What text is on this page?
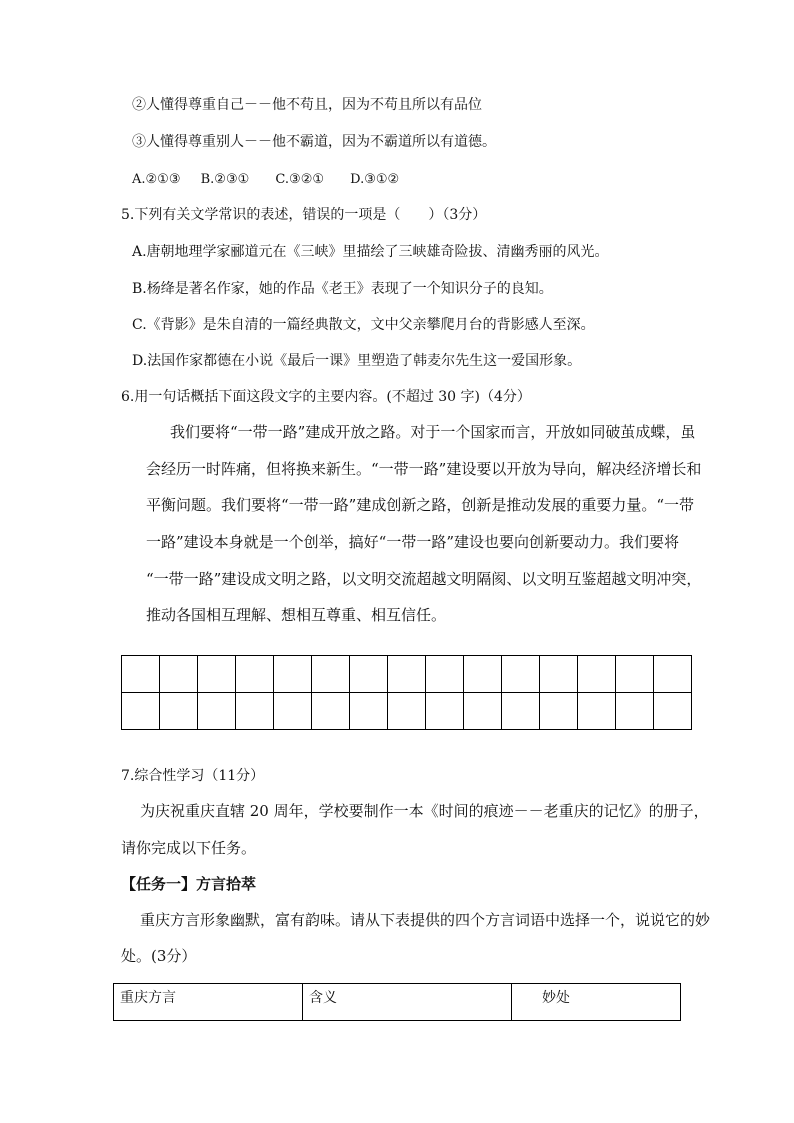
②人懂得尊重自己－－他不苟且，因为不苟且所以有品位
③人懂得尊重别人－－他不霸道，因为不霸道所以有道德。
A.②①③ B.②③① C.③②① D.③①②
5.下列有关文学常识的表述，错误的一项是（　　）（3分）
A.唐朝地理学家郦道元在《三峡》里描绘了三峡雄奇险拔、清幽秀丽的风光。
B.杨绛是著名作家，她的作品《老王》表现了一个知识分子的良知。
C.《背影》是朱自清的一篇经典散文，文中父亲攀爬月台的背影感人至深。
D.法国作家都德在小说《最后一课》里塑造了韩麦尔先生这一爱国形象。
6.用一句话概括下面这段文字的主要内容。(不超过 30 字)（4分）
我们要将“一带一路”建成开放之路。对于一个国家而言，开放如同破茧成蝶，虽
会经历一时阵痛，但将换来新生。“一带一路”建设要以开放为导向，解决经济增长和
平衡问题。我们要将“一带一路”建成创新之路，创新是推动发展的重要力量。“一带
一路”建设本身就是一个创举，搞好“一带一路”建设也要向创新要动力。我们要将
“一带一路”建设成文明之路，以文明交流超越文明隔阂、以文明互鉴超越文明冲突，
推动各国相互理解、想相互尊重、相互信任。

7.综合性学习（11分）
为庆祝重庆直辖 20 周年，学校要制作一本《时间的痕迹－－老重庆的记忆》的册子，
请你完成以下任务。
【任务一】方言拾萃
重庆方言形象幽默，富有韵味。请从下表提供的四个方言词语中选择一个，说说它的妙
处。(3分）
重庆方言	含义	妙处
